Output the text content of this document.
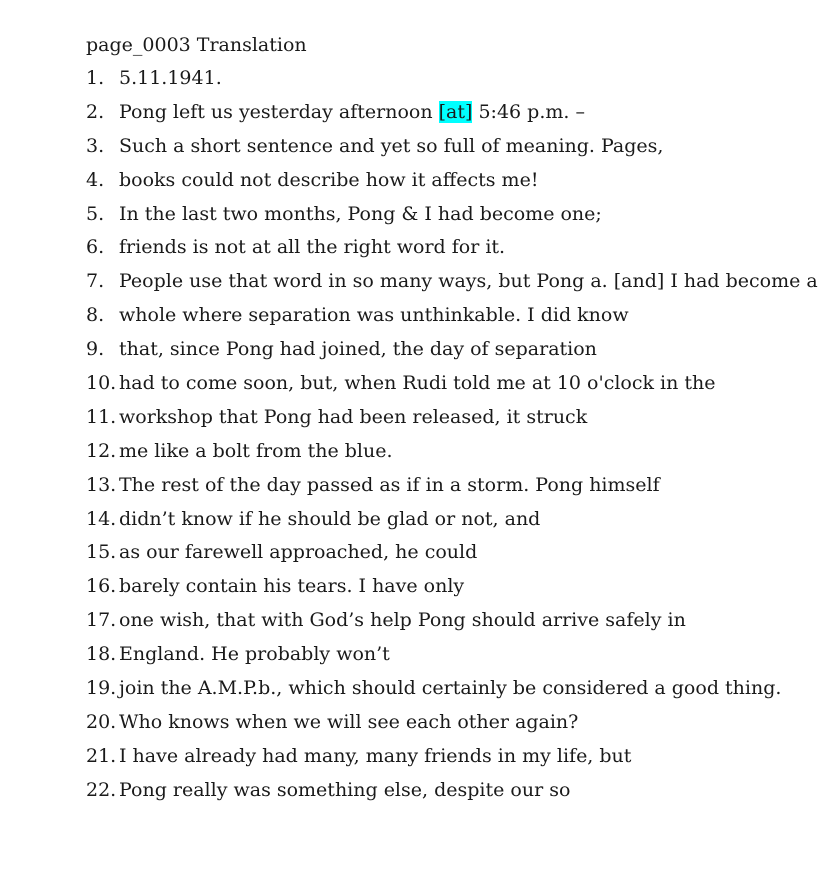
page_0003 Translation
1. 5.11.1941.
2. Pong left us yesterday afternoon [at] 5:46 p.m. –
3. Such a short sentence and yet so full of meaning. Pages,
4. books could not describe how it affects me!
5. In the last two months, Pong & I had become one;
6. friends is not at all the right word for it.
7. People use that word in so many ways, but Pong a. [and] I had become a
8. whole where separation was unthinkable. I did know
9. that, since Pong had joined, the day of separation
10. had to come soon, but, when Rudi told me at 10 o'clock in the
11. workshop that Pong had been released, it struck
12. me like a bolt from the blue.
13. The rest of the day passed as if in a storm. Pong himself
14. didn’t know if he should be glad or not, and
15. as our farewell approached, he could
16. barely contain his tears. I have only
17. one wish, that with God’s help Pong should arrive safely in
18. England. He probably won’t
19. join the A.M.P.b., which should certainly be considered a good thing.
20. Who knows when we will see each other again?
21. I have already had many, many friends in my life, but
22. Pong really was something else, despite our so
